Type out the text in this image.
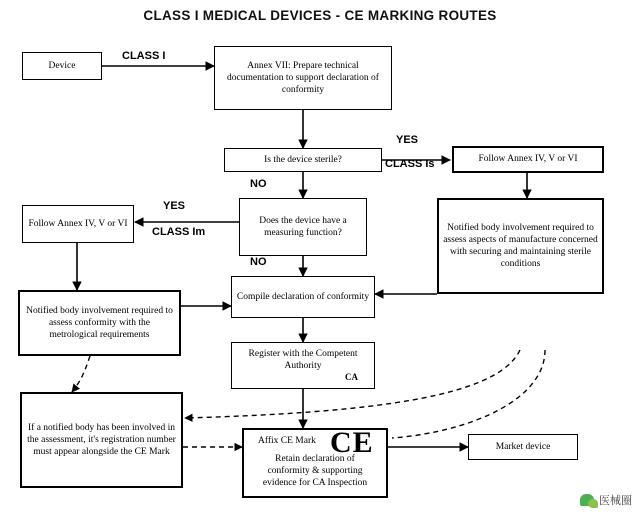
CLASS I MEDICAL DEVICES - CE MARKING ROUTES
Device	Annex VII: Prepare technical documentation to support declaration of conformity
Is the device sterile?	Follow Annex IV, V or VI
Does the device have a measuring function?
Follow Annex IV, V or VI	Notified body involvement required to assess aspects of manufacture concerned with securing and maintaining sterile conditions
Notified body involvement required to assess conformity with the metrological requirements
Compile declaration of conformity
Register with the Competent Authority
CA
If a notified body has been involved in the assessment, it's registration number must appear alongside the CE Mark
Affix CE Mark
Retain declaration of conformity & supporting evidence for CA Inspection
CE	Market device
CLASS I
YES
CLASS Is
NO
YES
CLASS Im
NO
医械圈
